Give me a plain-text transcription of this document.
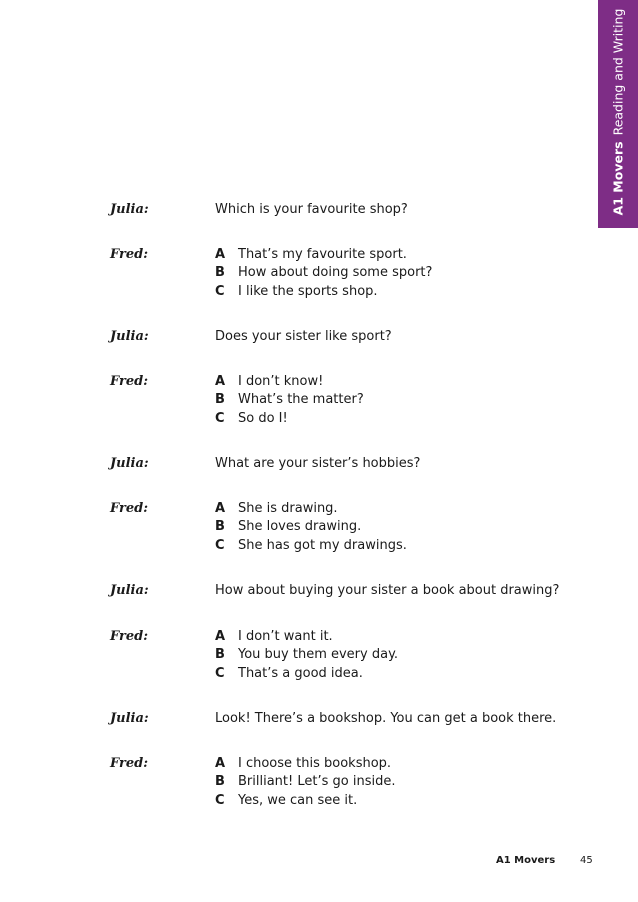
A1 MoversReading and Writing
Julia:	Which is your favourite shop?
Fred:	A That’s my favourite sport.
B How about doing some sport?
C I like the sports shop.
Julia:	Does your sister like sport?
Fred:	A I don’t know!
B What’s the matter?
C So do I!
Julia:	What are your sister’s hobbies?
Fred:	A She is drawing.
B She loves drawing.
C She has got my drawings.
Julia:	How about buying your sister a book about drawing?
Fred:	A I don’t want it.
B You buy them every day.
C That’s a good idea.
Julia:	Look! There’s a bookshop. You can get a book there.
Fred:	A I choose this bookshop.
B Brilliant! Let’s go inside.
C Yes, we can see it.
A1 Movers 45
